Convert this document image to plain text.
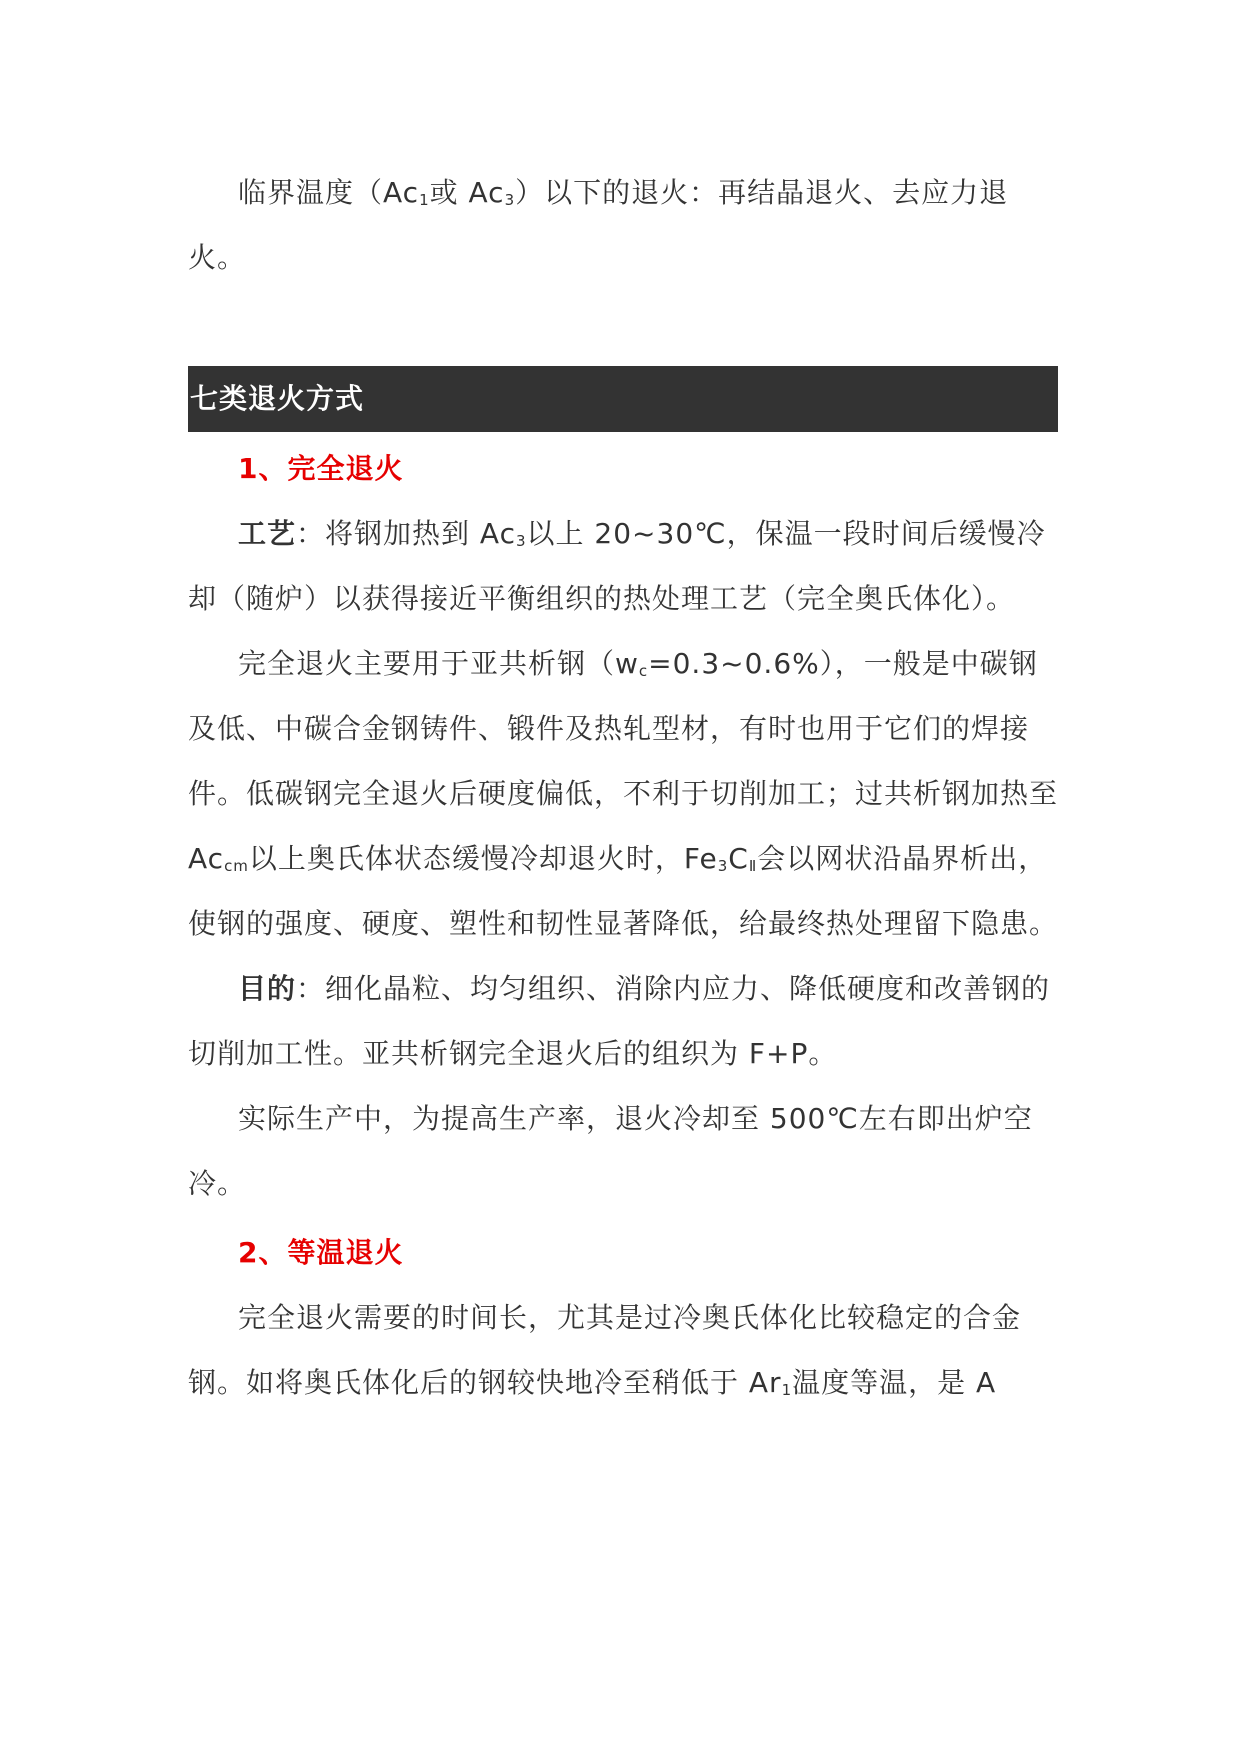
临界温度（$Ac_1$或 $Ac_3$）以下的退火：再结晶退火、去应力退火。

七类退火方式

1、完全退火

工艺：将钢加热到 $Ac_3$以上 20~30℃，保温一段时间后缓慢冷却（随炉）以获得接近平衡组织的热处理工艺（完全奥氏体化）。

完全退火主要用于亚共析钢$(w_c=0.3\sim 0.6\%)$，一般是中碳钢及低、中碳合金钢铸件、锻件及热轧型材，有时也用于它们的焊接件。低碳钢完全退火后硬度偏低，不利于切削加工；过共析钢加热至 $Ac_{cm}$以上奥氏体状态缓慢冷却退火时，$Fe_3C_Ⅱ$会以网状沿晶界析出，使钢的强度、硬度、塑性和韧性显著降低，给最终热处理留下隐患。

目的：细化晶粒、均匀组织、消除内应力、降低硬度和改善钢的切削加工性。亚共析钢完全退火后的组织为 F+P。

实际生产中，为提高生产率，退火冷却至 500℃左右即出炉空冷。

2、等温退火

完全退火需要的时间长，尤其是过冷奥氏体化比较稳定的合金钢。如将奥氏体化后的钢较快地冷至稍低于 $Ar_1$温度等温，是 A
